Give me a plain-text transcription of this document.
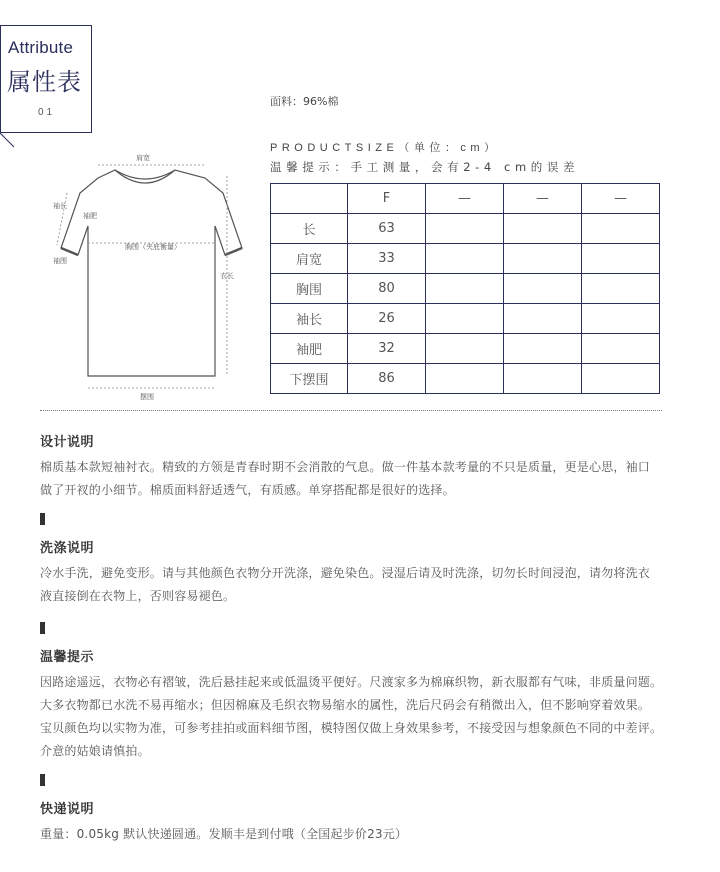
Attribute
属性表
01
面料：96%棉
PRODUCTSIZE（单位：cm）
温馨提示：手工测量，会有2-4 cm的误差
	F	—	—	—
长	63			
肩宽	33			
胸围	80			
袖长	26			
袖肥	32			
下摆围	86			
肩宽
袖长
袖肥
袖围
胸围（夹底衡量）
衣长
摆围
设计说明

棉质基本款短袖衬衣。精致的方领是青春时期不会消散的气息。做一件基本款考量的不只是质量，更是心思，袖口

做了开衩的小细节。棉质面料舒适透气，有质感。单穿搭配都是很好的选择。

洗涤说明

冷水手洗，避免变形。请与其他颜色衣物分开洗涤，避免染色。浸湿后请及时洗涤，切勿长时间浸泡，请勿将洗衣

液直接倒在衣物上，否则容易褪色。

温馨提示

因路途遥远，衣物必有褶皱，洗后悬挂起来或低温烫平便好。尺渡家多为棉麻织物，新衣服都有气味，非质量问题。

大多衣物都已水洗不易再缩水；但因棉麻及毛织衣物易缩水的属性，洗后尺码会有稍微出入，但不影响穿着效果。

宝贝颜色均以实物为准，可参考挂拍或面料细节图，模特图仅做上身效果参考，不接受因与想象颜色不同的中差评。

介意的姑娘请慎拍。

快递说明

重量：0.05kg 默认快递圆通。发顺丰是到付哦（全国起步价23元）
